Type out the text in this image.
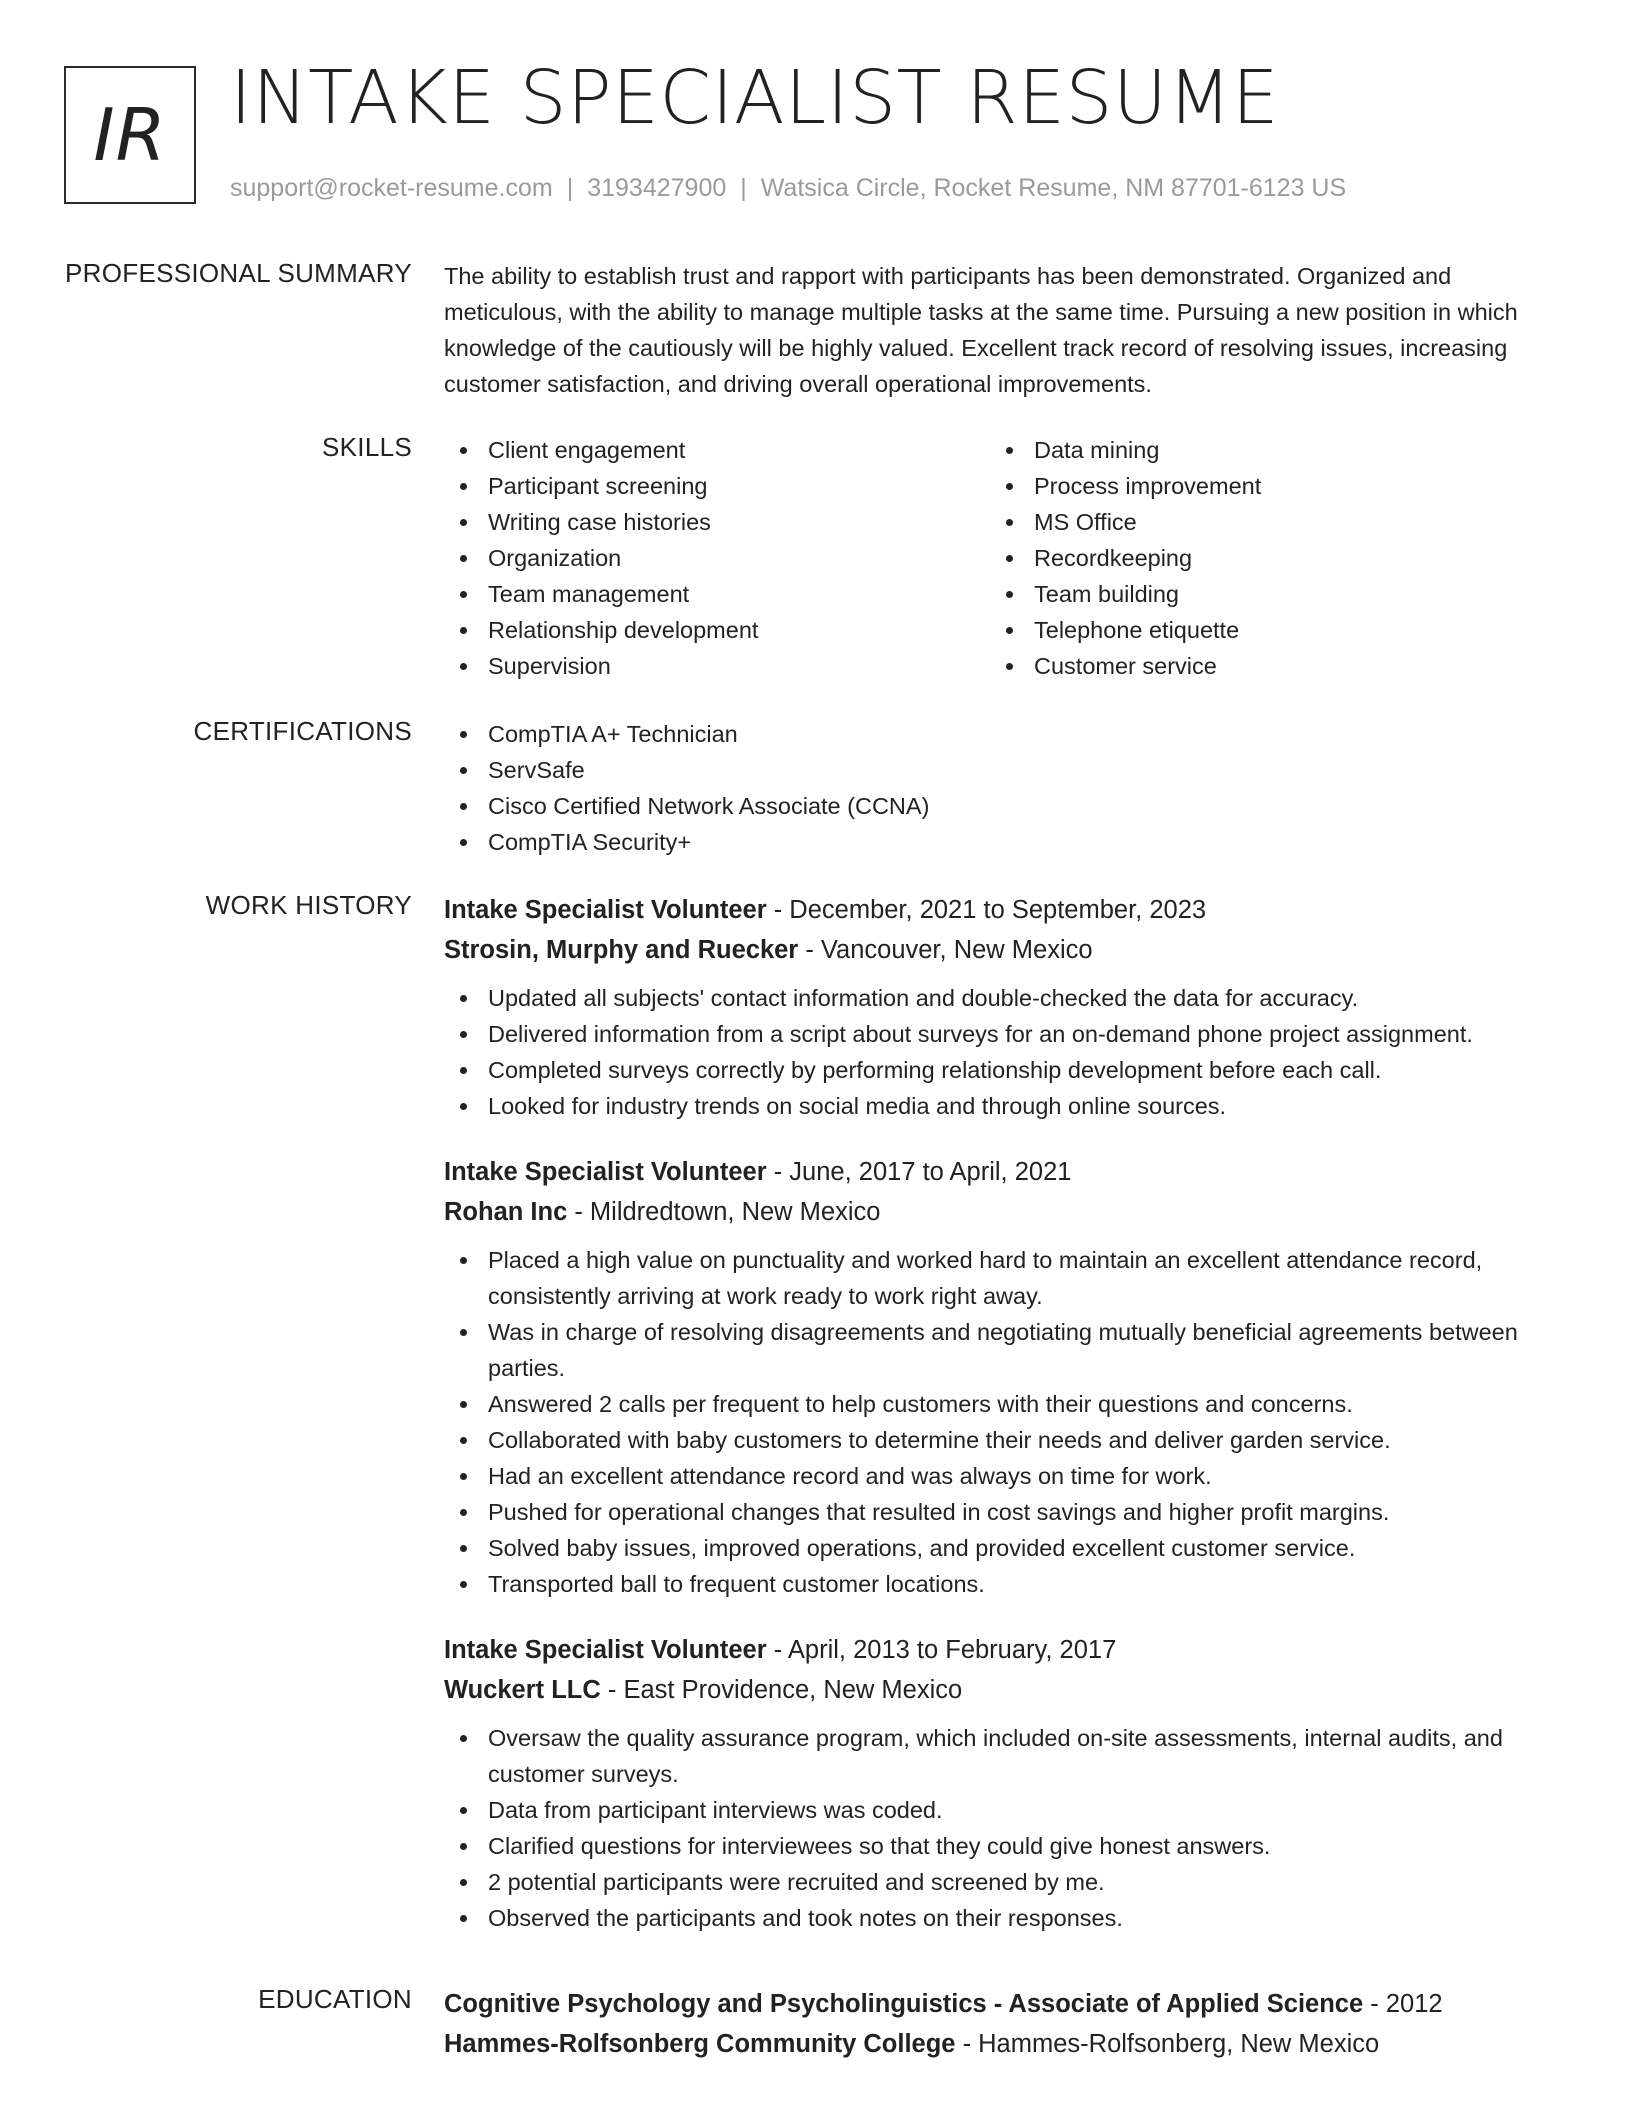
IR INTAKE SPECIALIST RESUME
support@rocket-resume.com | 3193427900 | Watsica Circle, Rocket Resume, NM 87701-6123 US
PROFESSIONAL SUMMARY The ability to establish trust and rapport with participants has been demonstrated. Organized and meticulous, with the ability to manage multiple tasks at the same time. Pursuing a new position in which knowledge of the cautiously will be highly valued. Excellent track record of resolving issues, increasing customer satisfaction, and driving overall operational improvements.

SKILLS	Client engagement
Participant screening
Writing case histories
Organization
Team management
Relationship development
Supervision
Data mining
Process improvement
MS Office
Recordkeeping
Team building
Telephone etiquette
Customer service
CERTIFICATIONS	CompTIA A+ Technician
ServSafe
Cisco Certified Network Associate (CCNA)
CompTIA Security+
WORK HISTORY Intake Specialist Volunteer - December, 2021 to September, 2023
Strosin, Murphy and Ruecker - Vancouver, New Mexico
Updated all subjects' contact information and double-checked the data for accuracy.
Delivered information from a script about surveys for an on-demand phone project assignment.
Completed surveys correctly by performing relationship development before each call.
Looked for industry trends on social media and through online sources.
Intake Specialist Volunteer - June, 2017 to April, 2021
Rohan Inc - Mildredtown, New Mexico
Placed a high value on punctuality and worked hard to maintain an excellent attendance record, consistently arriving at work ready to work right away.
Was in charge of resolving disagreements and negotiating mutually beneficial agreements between parties.
Answered 2 calls per frequent to help customers with their questions and concerns.
Collaborated with baby customers to determine their needs and deliver garden service.
Had an excellent attendance record and was always on time for work.
Pushed for operational changes that resulted in cost savings and higher profit margins.
Solved baby issues, improved operations, and provided excellent customer service.
Transported ball to frequent customer locations.
Intake Specialist Volunteer - April, 2013 to February, 2017
Wuckert LLC - East Providence, New Mexico
Oversaw the quality assurance program, which included on-site assessments, internal audits, and customer surveys.
Data from participant interviews was coded.
Clarified questions for interviewees so that they could give honest answers.
2 potential participants were recruited and screened by me.
Observed the participants and took notes on their responses.
EDUCATION Cognitive Psychology and Psycholinguistics - Associate of Applied Science - 2012
Hammes-Rolfsonberg Community College - Hammes-Rolfsonberg, New Mexico
